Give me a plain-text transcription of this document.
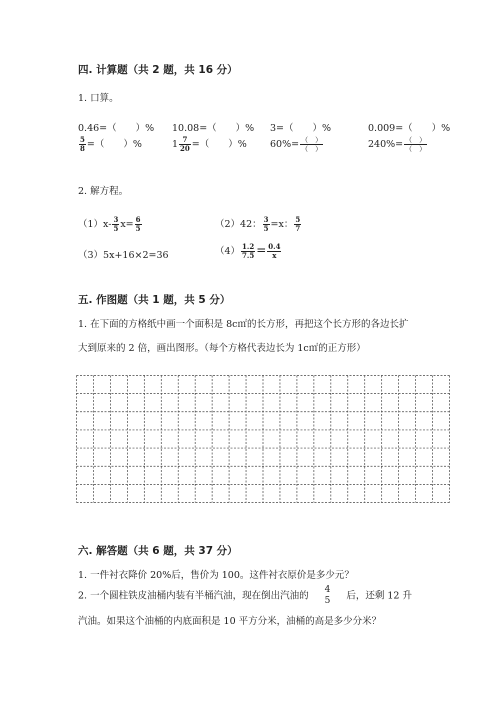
四. 计算题（共 2 题，共 16 分）
1. 口算。
0.46=（　　）% 10.08=（　　）% 3=（　　）%	0.009=（　　）%
$\frac{5}{8}$ =（　　）%	$1 \frac{7}{20}$ =（　　）% $60\%= \frac{( )}{( )}$	$240\%= \frac{( )}{( )}$
2. 解方程。
$(1)x- \frac{3}{5} x= \frac{6}{5}$	（2）42： $\frac{3}{5} =x$： $\frac{5}{7}$
（3）5x+16×2=36	$(4) \frac{1.2}{7.5} = \frac{0.4}{x}$
五. 作图题（共 1 题，共 5 分）
1. 在下面的方格纸中画一个面积是 8c㎡的长方形，再把这个长方形的各边长扩
大到原来的 2 倍，画出图形。（每个方格代表边长为 1c㎡的正方形）
六. 解答题（共 6 题，共 37 分）
1. 一件衬衣降价 20%后，售价为 100。这件衬衣原价是多少元？
2. 一个圆柱铁皮油桶内装有半桶汽油，现在倒出汽油的
4
5 后，还剩 12 升
汽油。如果这个油桶的内底面积是 10 平方分米，油桶的高是多少分米？
